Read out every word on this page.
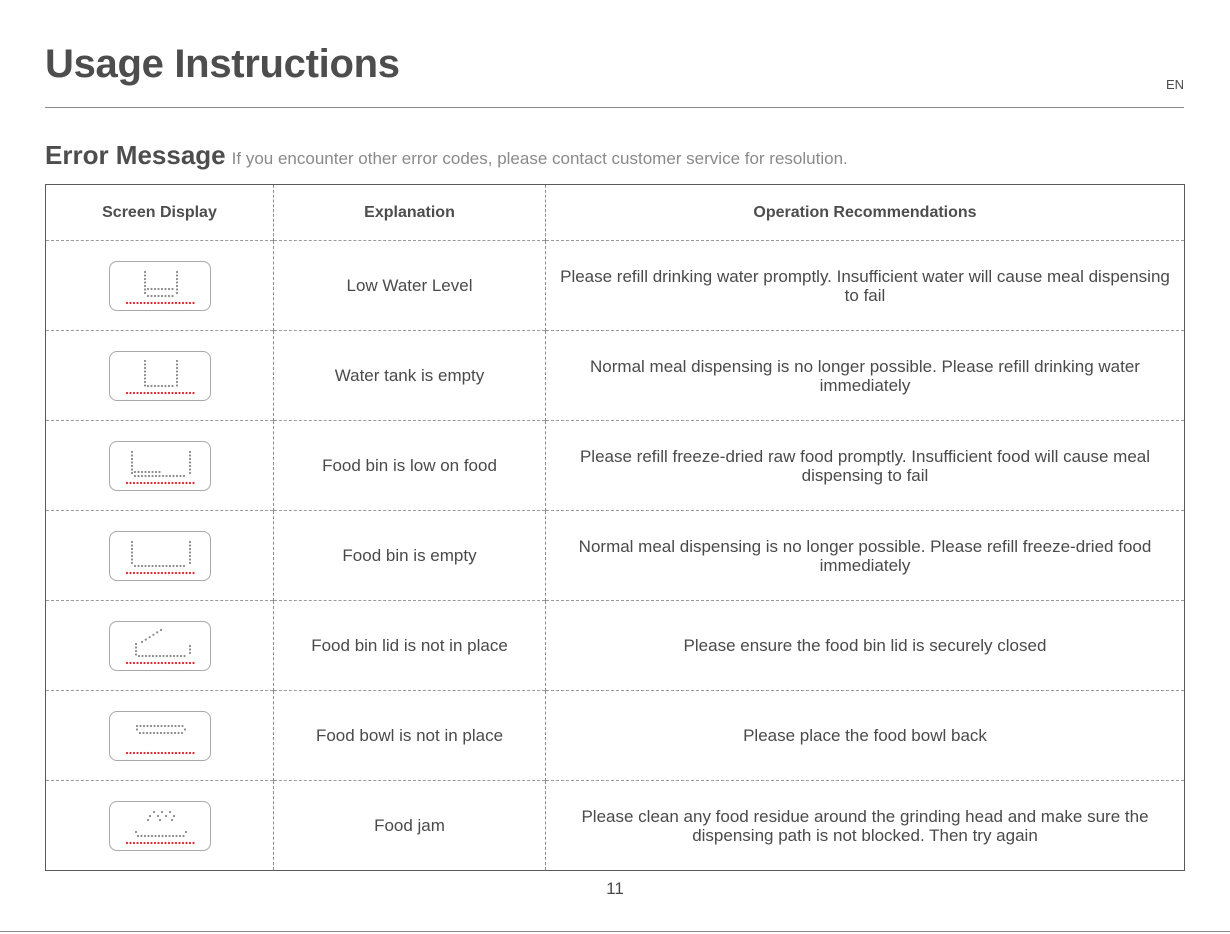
Usage Instructions	EN
Error Message If you encounter other error codes, please contact customer service for resolution.
Screen Display	Explanation	Operation Recommendations

	Low Water Level	Please refill drinking water promptly. Insufficient water will cause meal dispensing to fail

	Water tank is empty	Normal meal dispensing is no longer possible. Please refill drinking water immediately

	Food bin is low on food	Please refill freeze-dried raw food promptly. Insufficient food will cause meal dispensing to fail

	Food bin is empty	Normal meal dispensing is no longer possible. Please refill freeze-dried food immediately

	Food bin lid is not in place	Please ensure the food bin lid is securely closed

	Food bowl is not in place	Please place the food bowl back

	Food jam	Please clean any food residue around the grinding head and make sure the dispensing path is not blocked. Then try again
11
